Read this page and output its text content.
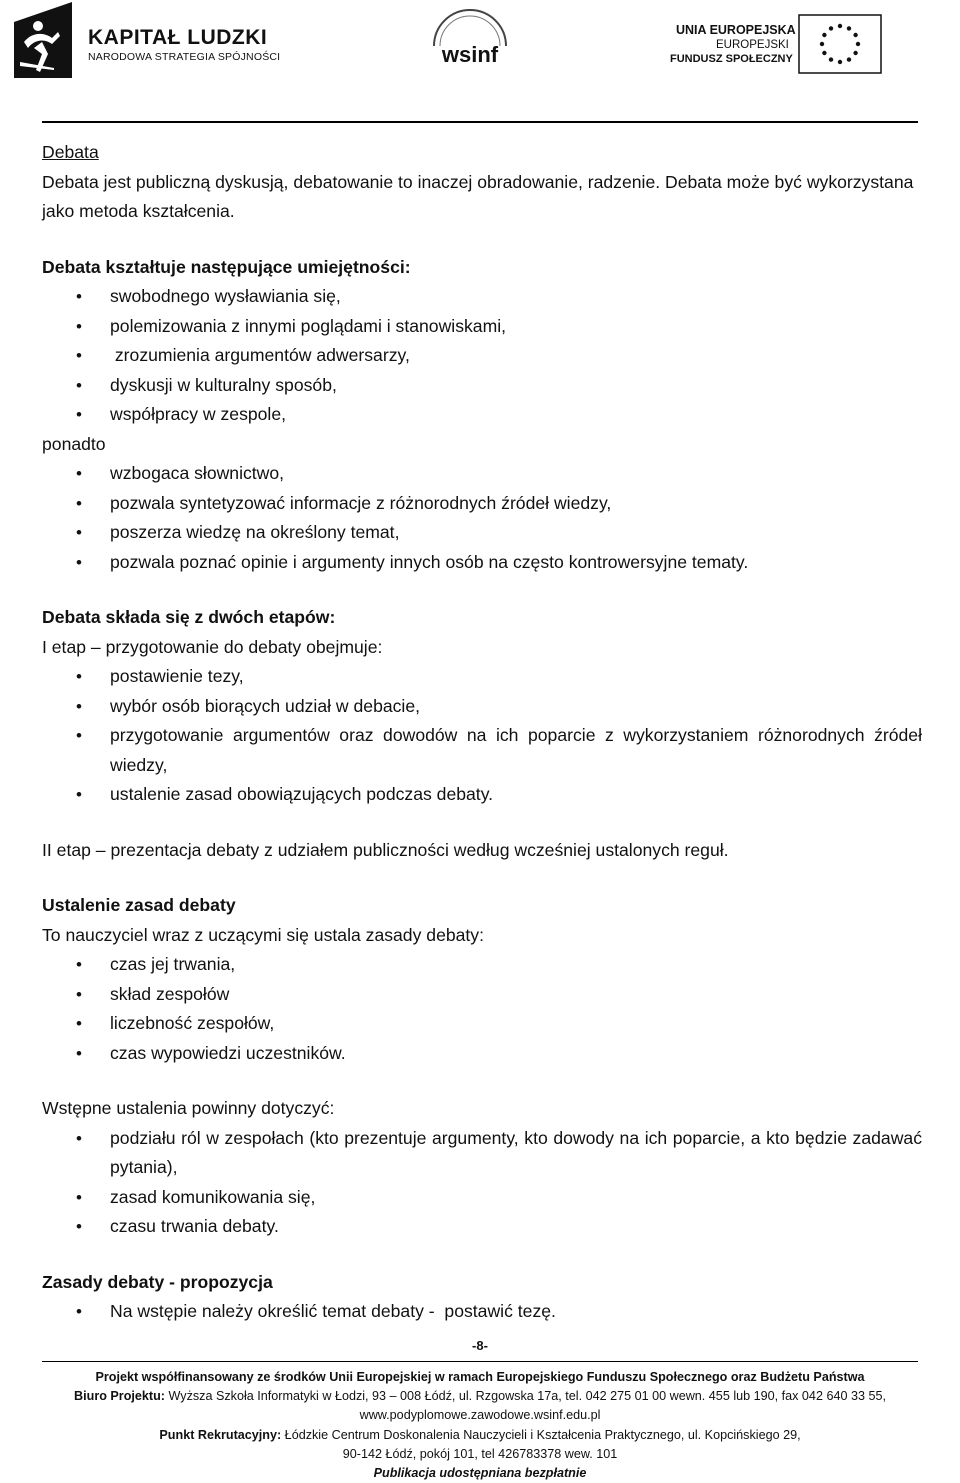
KAPITAŁ LUDZKI
NARODOWA STRATEGIA SPÓJNOŚCI	wsinf
UNIA EUROPEJSKA
EUROPEJSKI
FUNDUSZ SPOŁECZNY

Debata

Debata jest publiczną dyskusją, debatowanie to inaczej obradowanie, radzenie. Debata może być wykorzystana jako metoda kształcenia.

Debata kształtuje następujące umiejętności:

• swobodnego wysławiania się,
• polemizowania z innymi poglądami i stanowiskami,
•  zrozumienia argumentów adwersarzy,
• dyskusji w kulturalny sposób,
• współpracy w zespole,

ponadto

• wzbogaca słownictwo,
• pozwala syntetyzować informacje z różnorodnych źródeł wiedzy,
• poszerza wiedzę na określony temat,
• pozwala poznać opinie i argumenty innych osób na często kontrowersyjne tematy.

Debata składa się z dwóch etapów:

I etap – przygotowanie do debaty obejmuje:

• postawienie tezy,
• wybór osób biorących udział w debacie,
• przygotowanie argumentów oraz dowodów na ich poparcie z wykorzystaniem różnorodnych źródeł wiedzy,
• ustalenie zasad obowiązujących podczas debaty.

II etap – prezentacja debaty z udziałem publiczności według wcześniej ustalonych reguł.

Ustalenie zasad debaty

To nauczyciel wraz z uczącymi się ustala zasady debaty:

• czas jej trwania,
• skład zespołów
• liczebność zespołów,
• czas wypowiedzi uczestników.

Wstępne ustalenia powinny dotyczyć:

• podziału ról w zespołach (kto prezentuje argumenty, kto dowody na ich poparcie, a kto będzie zadawać pytania),
• zasad komunikowania się,
• czasu trwania debaty.

Zasady debaty - propozycja

• Na wstępie należy określić temat debaty -  postawić tezę.
-8-

Projekt współfinansowany ze środków Unii Europejskiej w ramach Europejskiego Funduszu Społecznego oraz Budżetu Państwa

Biuro Projektu: Wyższa Szkoła Informatyki w Łodzi, 93 – 008 Łódź, ul. Rzgowska 17a, tel. 042 275 01 00 wewn. 455 lub 190, fax 042 640 33 55,

www.podyplomowe.zawodowe.wsinf.edu.pl

Punkt Rekrutacyjny: Łódzkie Centrum Doskonalenia Nauczycieli i Kształcenia Praktycznego, ul. Kopcińskiego 29,

90-142 Łódź, pokój 101, tel 426783378 wew. 101

Publikacja udostępniana bezpłatnie
